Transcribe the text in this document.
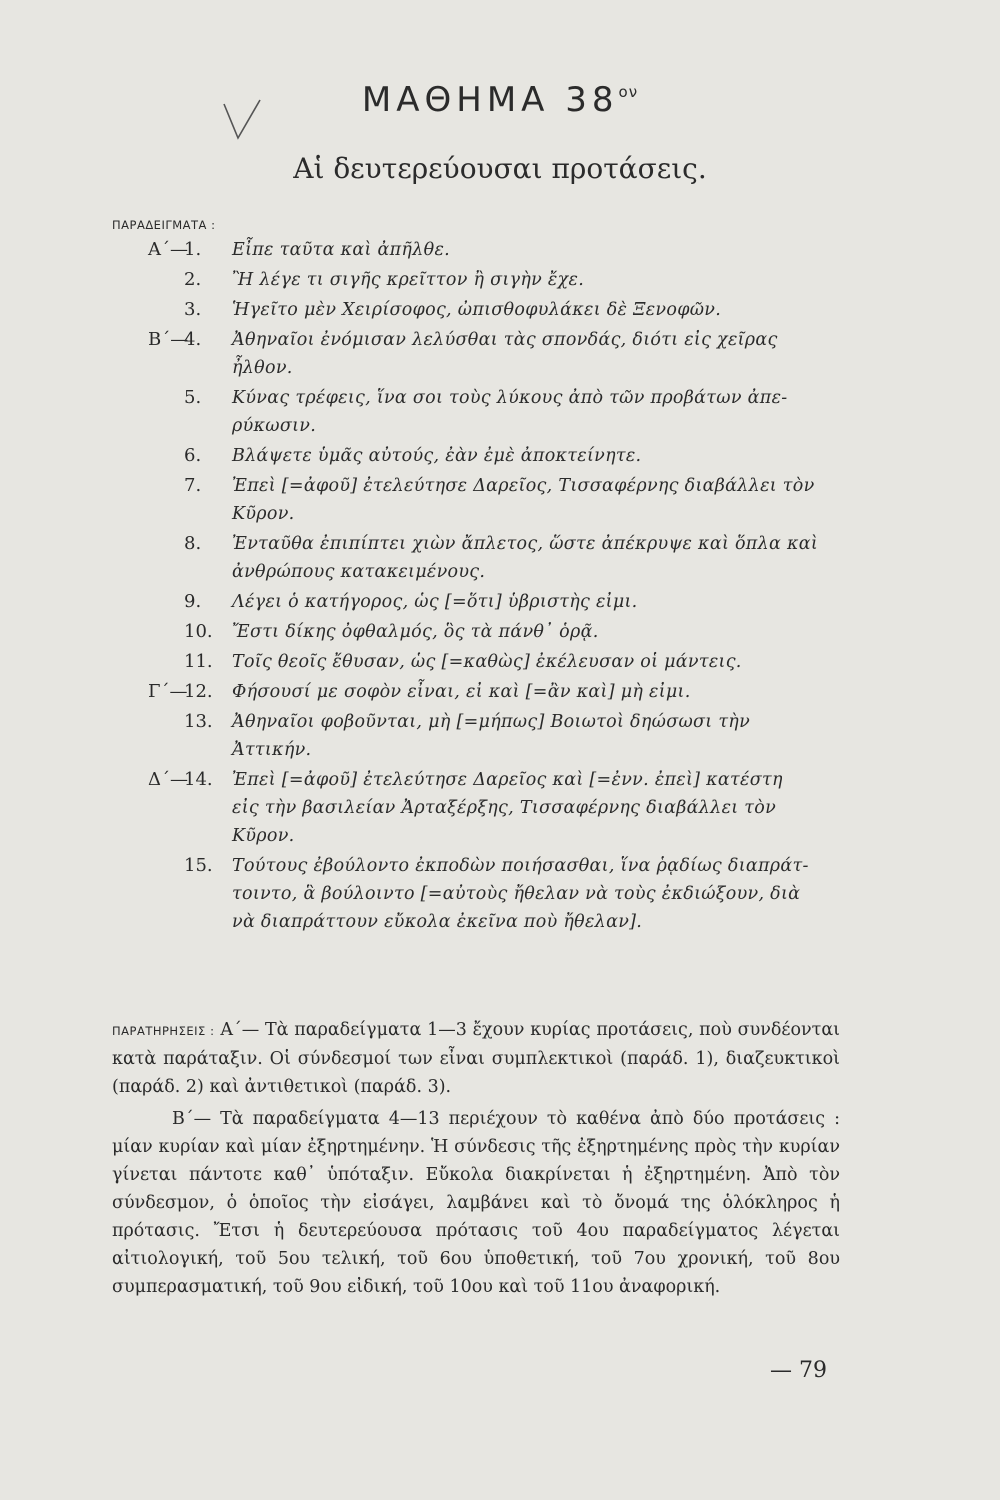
ΜΑΘΗΜΑ $38^{o\nu}$
Αἱ δευτερεύουσαι προτάσεις.
ΠΑΡΑΔΕΙΓΜΑΤΑ :
Α΄—
1.	Εἶπε ταῦτα καὶ ἀπῆλθε.
2.	Ἢ λέγε τι σιγῆς κρεῖττον ἢ σιγὴν ἔχε.
3.	Ἡγεῖτο μὲν Χειρίσοφος, ὠπισθοφυλάκει δὲ Ξενοφῶν.
Β΄—
4.	Ἀθηναῖοι ἐνόμισαν λελύσθαι τὰς σπονδάς, διότι εἰς χεῖρας
ἦλθον.
5.	Κύνας τρέφεις, ἵνα σοι τοὺς λύκους ἀπὸ τῶν προβάτων ἀπε-
ρύκωσιν.
6.	Βλάψετε ὑμᾶς αὐτούς, ἐὰν ἐμὲ ἀποκτείνητε.
7.	Ἐπεὶ [=ἀφοῦ] ἐτελεύτησε Δαρεῖος, Τισσαφέρνης διαβάλλει τὸν
Κῦρον.
8.	Ἐνταῦθα ἐπιπίπτει χιὼν ἄπλετος, ὥστε ἀπέκρυψε καὶ ὅπλα καὶ
ἀνθρώπους κατακειμένους.
9.	Λέγει ὁ κατήγορος, ὡς [=ὅτι] ὑβριστὴς εἰμι.
10.	Ἔστι δίκης ὀφθαλμός, ὃς τὰ πάνθ᾽ ὁρᾷ.
11.	Τοῖς θεοῖς ἔθυσαν, ὡς [=καθὼς] ἐκέλευσαν οἱ μάντεις.
Γ΄—
12.	Φήσουσί με σοφὸν εἶναι, εἰ καὶ [=ἂν καὶ] μὴ εἰμι.
13.	Ἀθηναῖοι φοβοῦνται, μὴ [=μήπως] Βοιωτοὶ δηώσωσι τὴν
Ἀττικήν.
Δ΄—
14.	Ἐπεὶ [=ἀφοῦ] ἐτελεύτησε Δαρεῖος καὶ [=ἐνν. ἐπεὶ] κατέστη
εἰς τὴν βασιλείαν Ἀρταξέρξης, Τισσαφέρνης διαβάλλει τὸν
Κῦρον.
15.	Τούτους ἐβούλοντο ἐκποδὼν ποιήσασθαι, ἵνα ῥᾳδίως διαπράτ-
τοιντο, ἃ βούλοιντο [=αὐτοὺς ἤθελαν νὰ τοὺς ἐκδιώξουν, διὰ
νὰ διαπράττουν εὔκολα ἐκεῖνα ποὺ ἤθελαν].

ΠΑΡΑΤΗΡΗΣΕΙΣ : Α΄— Τὰ παραδείγματα 1—3 ἔχουν κυρίας προτάσεις, ποὺ συνδέονται κατὰ παράταξιν. Οἱ σύνδεσμοί των εἶναι συμπλεκτικοὶ (παράδ. 1), διαζευκτικοὶ (παράδ. 2) καὶ ἀντιθετικοὶ (παράδ. 3).

Β΄— Τὰ παραδείγματα 4—13 περιέχουν τὸ καθένα ἀπὸ δύο προτάσεις : μίαν κυρίαν καὶ μίαν ἐξηρτημένην. Ἡ σύνδεσις τῆς ἐξηρτημένης πρὸς τὴν κυρίαν γίνεται πάντοτε καθ᾽ ὑπόταξιν. Εὔκολα διακρίνεται ἡ ἐξηρτημένη. Ἀπὸ τὸν σύνδεσμον, ὁ ὁποῖος τὴν εἰσάγει, λαμβάνει καὶ τὸ ὄνομά της ὁλόκληρος ἡ πρότασις. Ἔτσι ἡ δευτερεύουσα πρότασις τοῦ 4ου παραδείγματος λέγεται αἰτιολογική, τοῦ 5ου τελική, τοῦ 6ου ὑποθετική, τοῦ 7ου χρονική, τοῦ 8ου συμπερασματική, τοῦ 9ου εἰδική, τοῦ 10ου καὶ τοῦ 11ου ἀναφορική.

— 79
